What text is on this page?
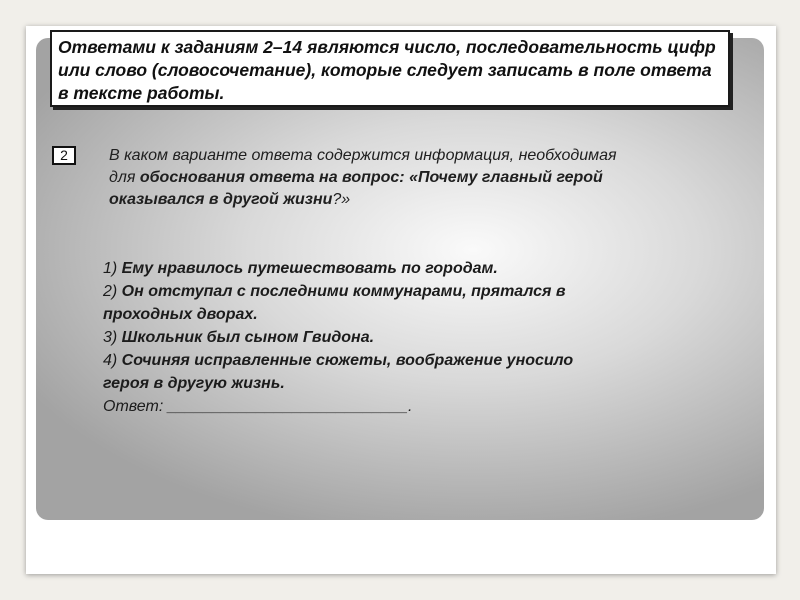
Ответами к заданиям 2–14 являются число, последовательность цифр
или слово (словосочетание), которые следует записать в поле ответа
в тексте работы.
2	В каком варианте ответа содержится информация, необходимая
для обоснования ответа на вопрос: «Почему главный герой
оказывался в другой жизни?»
1) Ему нравилось путешествовать по городам.
2) Он отступал с последними коммунарами, прятался в
проходных дворах.
3) Школьник был сыном Гвидона.
4) Сочиняя исправленные сюжеты, воображение уносило
героя в другую жизнь.
Ответ: ___________________________.
